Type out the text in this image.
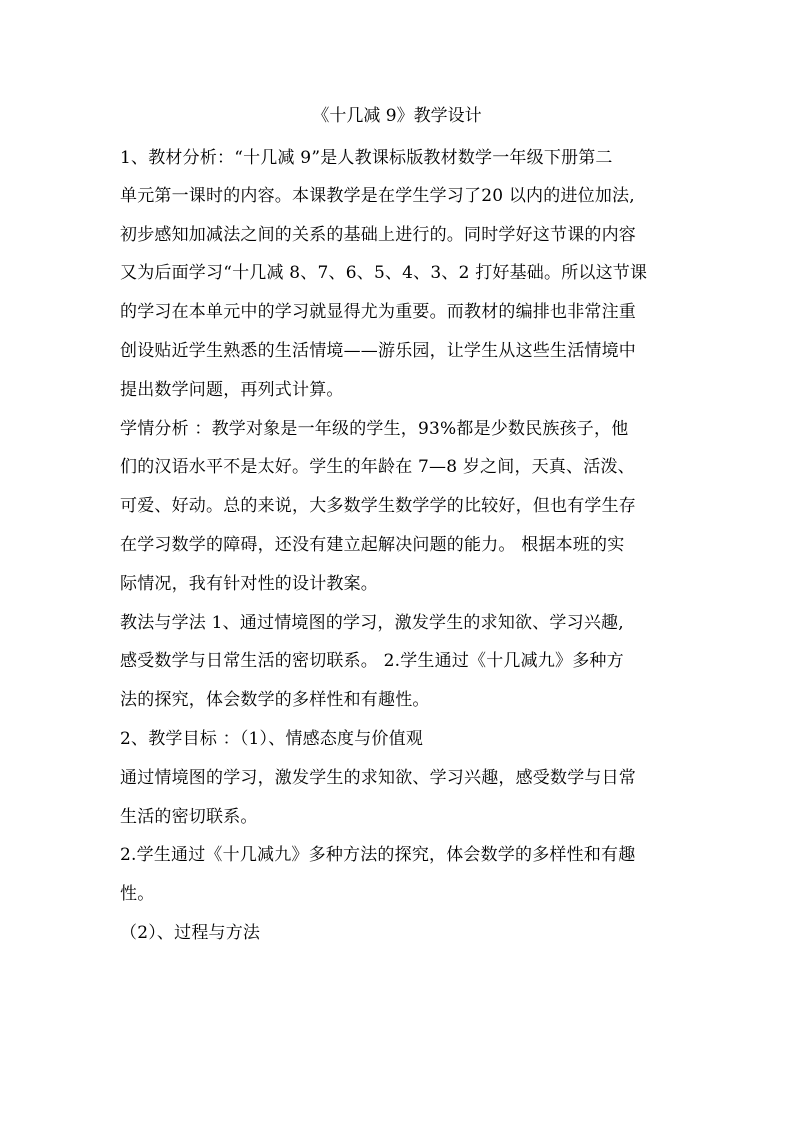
《十几减 9》教学设计
1、教材分析：“十几减 9”是人教课标版教材数学一年级下册第二
单元第一课时的内容。本课教学是在学生学习了20 以内的进位加法,
初步感知加减法之间的关系的基础上进行的。同时学好这节课的内容
又为后面学习“十几减 8、7、6、5、4、3、2 打好基础。所以这节课
的学习在本单元中的学习就显得尤为重要。而教材的编排也非常注重
创设贴近学生熟悉的生活情境——游乐园，让学生从这些生活情境中
提出数学问题，再列式计算。
学情分析 ：教学对象是一年级的学生，93%都是少数民族孩子，他
们的汉语水平不是太好。学生的年龄在 7—8 岁之间，天真、活泼、
可爱、好动。总的来说，大多数学生数学学的比较好，但也有学生存
在学习数学的障碍，还没有建立起解决问题的能力。 根据本班的实
际情况，我有针对性的设计教案。
教法与学法 1、通过情境图的学习，激发学生的求知欲、学习兴趣,
感受数学与日常生活的密切联系。 2.学生通过《十几减九》多种方
法的探究，体会数学的多样性和有趣性。
2、教学目标 ：（1）、情感态度与价值观
通过情境图的学习，激发学生的求知欲、学习兴趣，感受数学与日常
生活的密切联系。
2.学生通过《十几减九》多种方法的探究，体会数学的多样性和有趣
性。
（2）、过程与方法
